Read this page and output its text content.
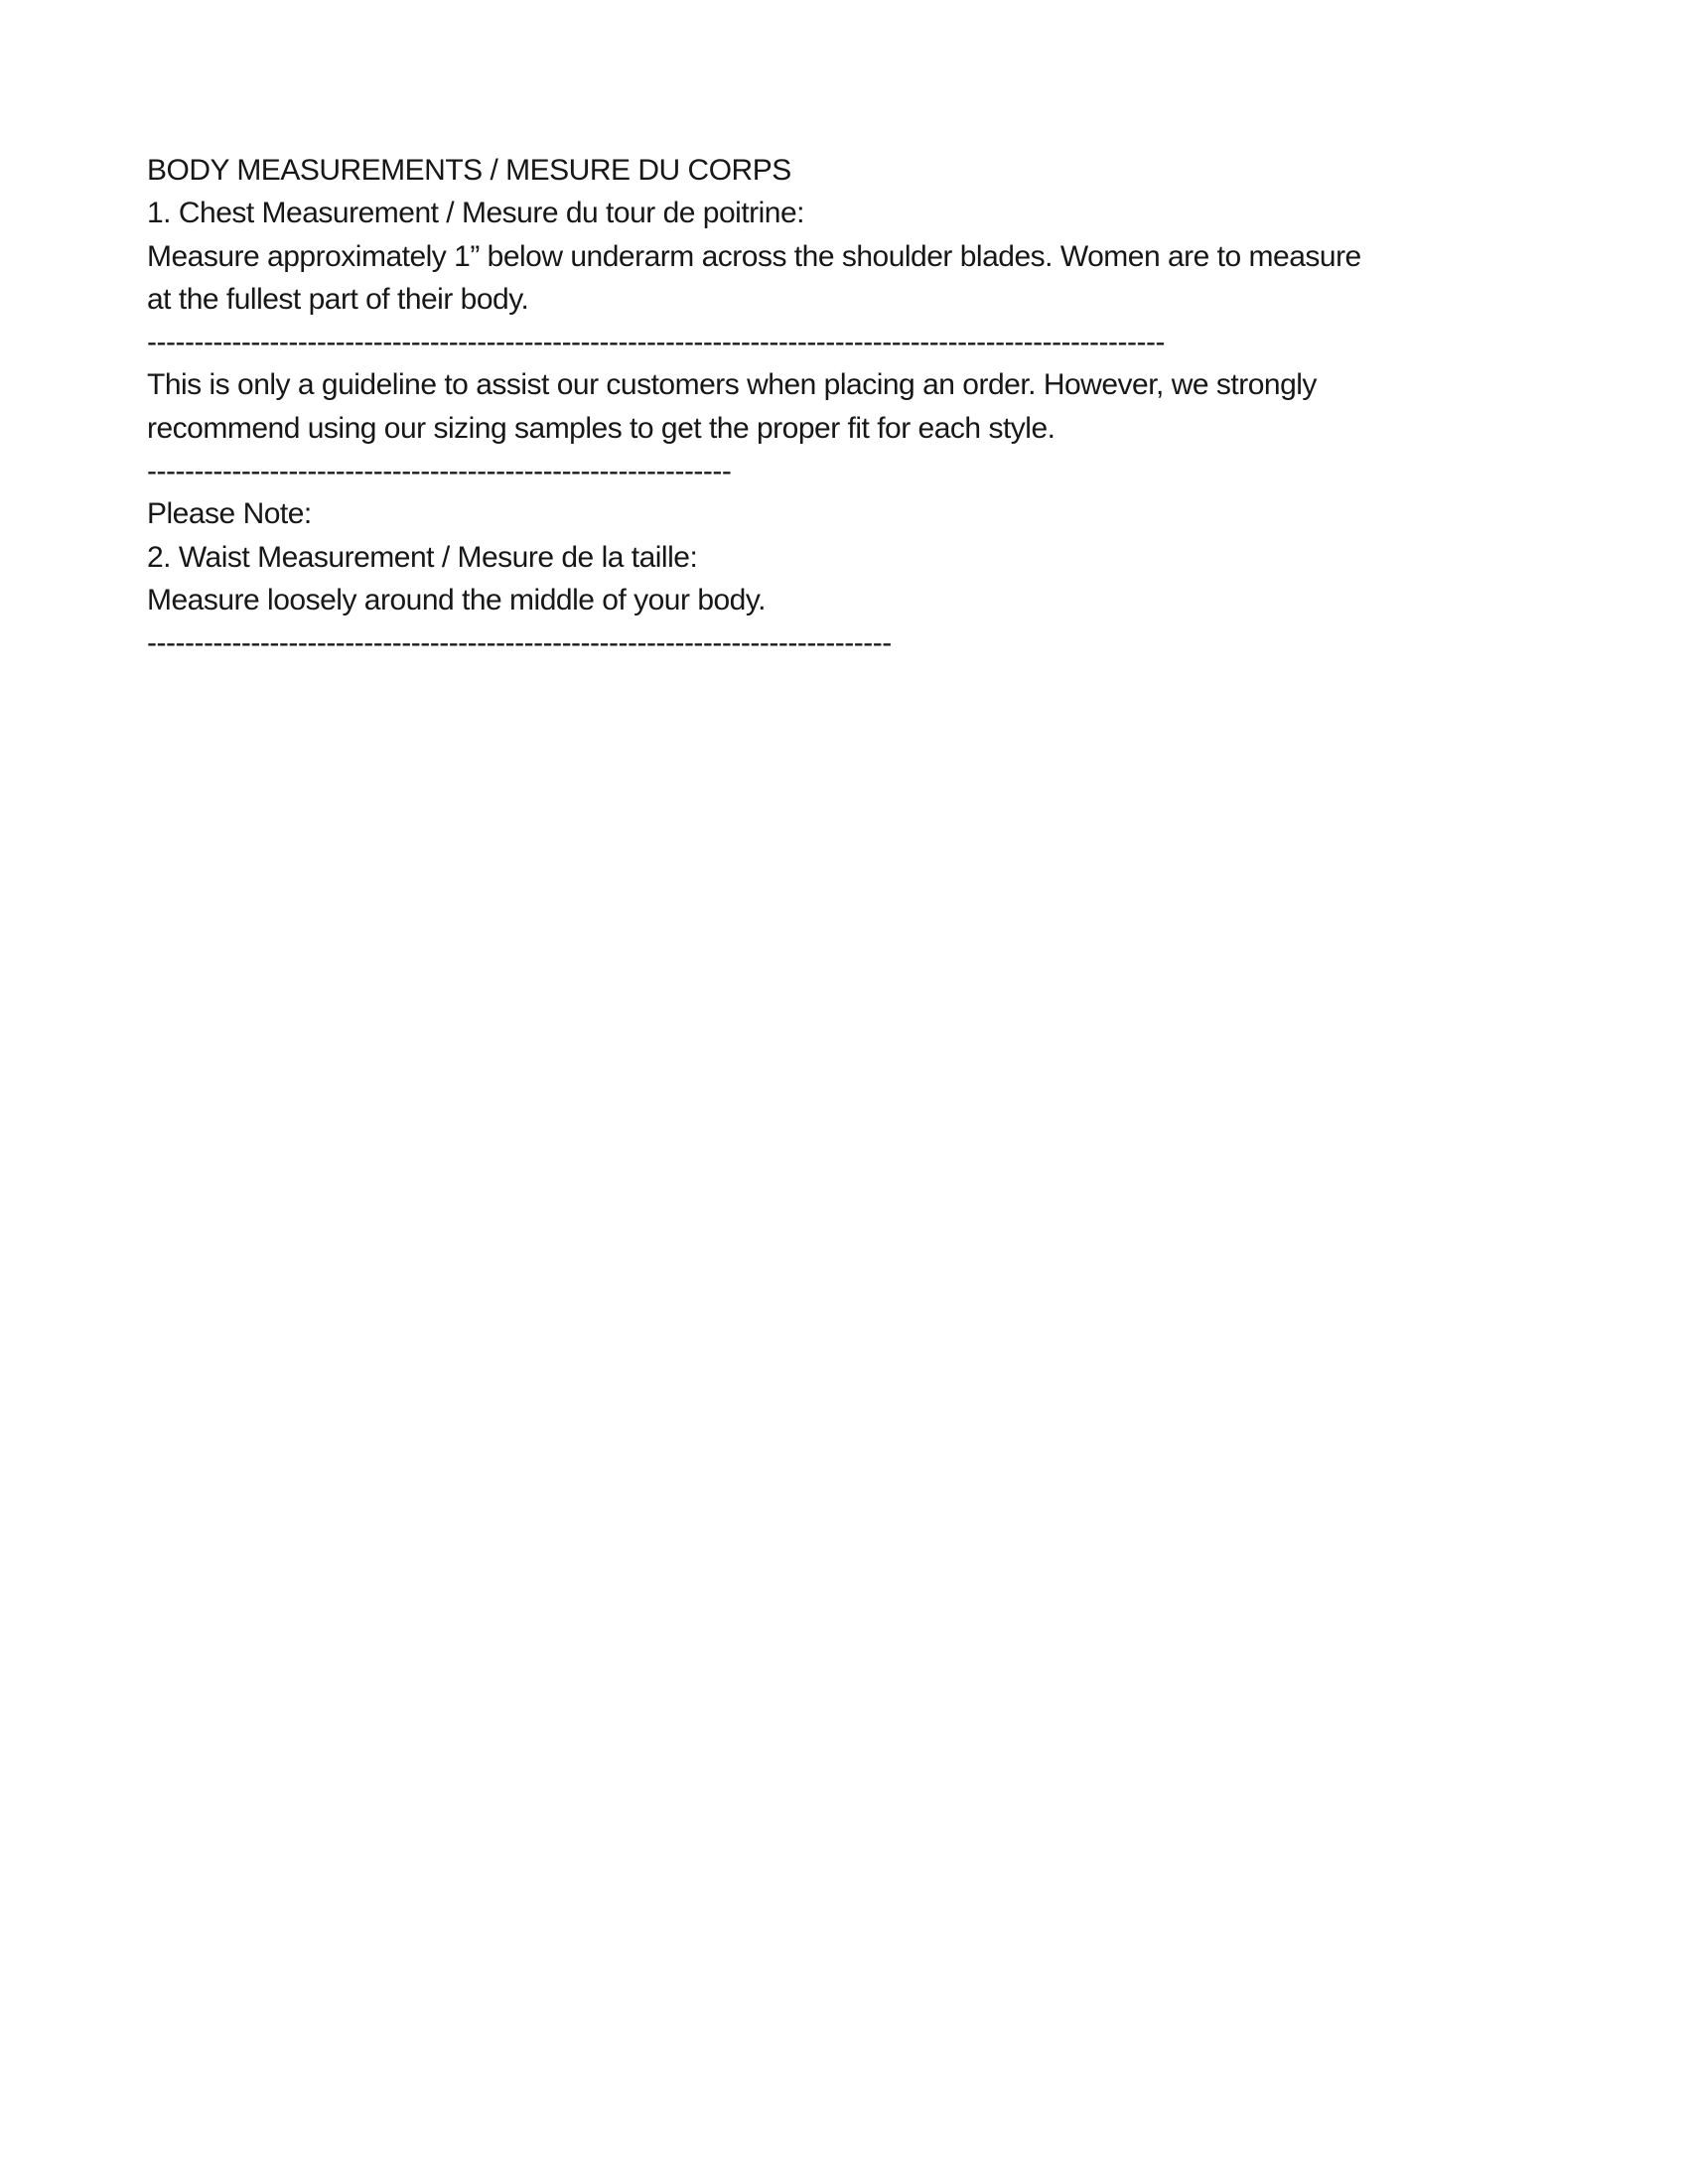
BODY MEASUREMENTS / MESURE DU CORPS
1. Chest Measurement / Mesure du tour de poitrine:
Measure approximately 1” below underarm across the shoulder blades. Women are to measure
at the fullest part of their body.
------------------------------------------------------------------------------------------------------------
This is only a guideline to assist our customers when placing an order. However, we strongly
recommend using our sizing samples to get the proper fit for each style.
--------------------------------------------------------------
Please Note:
2. Waist Measurement / Mesure de la taille:
Measure loosely around the middle of your body.
-------------------------------------------------------------------------------
